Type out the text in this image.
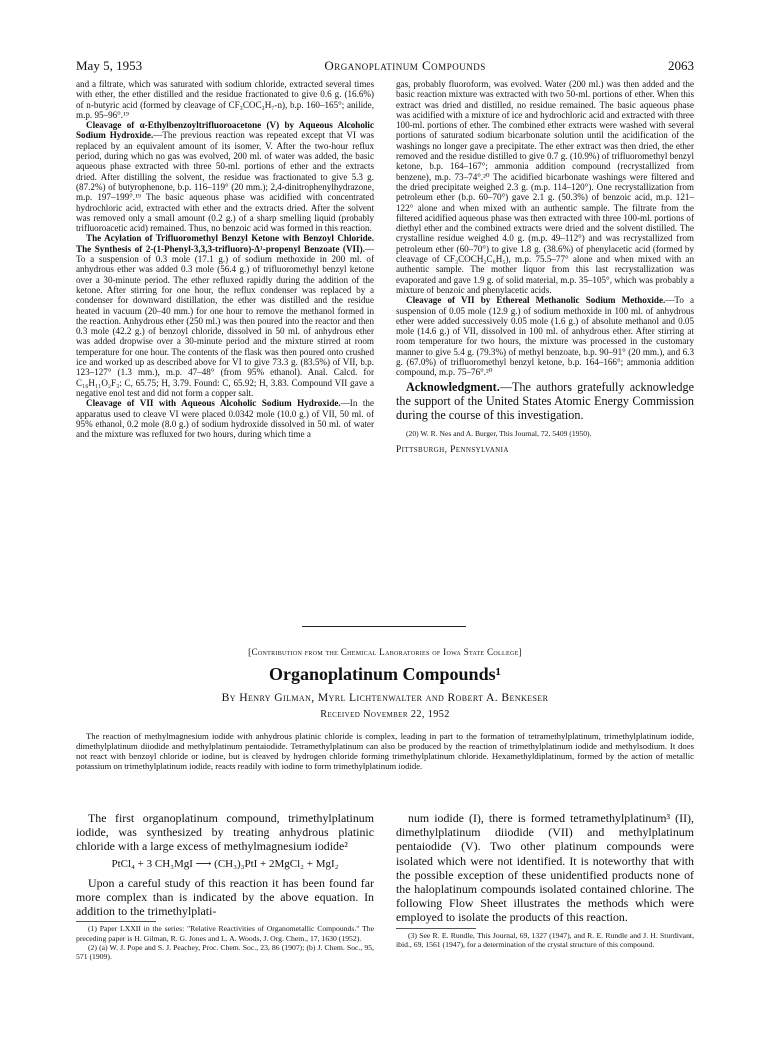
May 5, 1953	Organoplatinum Compounds	2063

and a filtrate, which was saturated with sodium chloride, extracted several times with ether, the ether distilled and the residue fractionated to give 0.6 g. (16.6%) of n-butyric acid (formed by cleavage of CF₃COC₃H₇-n), b.p. 160–165°; anilide, m.p. 95–96°.¹⁹

Cleavage of α-Ethylbenzoyltrifluoroacetone (V) by Aqueous Alcoholic Sodium Hydroxide.—The previous reaction was repeated except that VI was replaced by an equivalent amount of its isomer, V. After the two-hour reflux period, during which no gas was evolved, 200 ml. of water was added, the basic aqueous phase extracted with three 50-ml. portions of ether and the extracts dried. After distilling the solvent, the residue was fractionated to give 5.3 g. (87.2%) of butyrophenone, b.p. 116–119° (20 mm.); 2,4-dinitrophenylhydrazone, m.p. 197–199°.¹⁹ The basic aqueous phase was acidified with concentrated hydrochloric acid, extracted with ether and the extracts dried. After the solvent was removed only a small amount (0.2 g.) of a sharp smelling liquid (probably trifluoroacetic acid) remained. Thus, no benzoic acid was formed in this reaction.

The Acylation of Trifluoromethyl Benzyl Ketone with Benzoyl Chloride. The Synthesis of 2-(1-Phenyl-3,3,3-trifluoro)-Δ¹-propenyl Benzoate (VII).—To a suspension of 0.3 mole (17.1 g.) of sodium methoxide in 200 ml. of anhydrous ether was added 0.3 mole (56.4 g.) of trifluoromethyl benzyl ketone over a 30-minute period. The ether refluxed rapidly during the addition of the ketone. After stirring for one hour, the reflux condenser was replaced by a condenser for downward distillation, the ether was distilled and the residue heated in vacuum (20–40 mm.) for one hour to remove the methanol formed in the reaction. Anhydrous ether (250 ml.) was then poured into the reactor and then 0.3 mole (42.2 g.) of benzoyl chloride, dissolved in 50 ml. of anhydrous ether was added dropwise over a 30-minute period and the mixture stirred at room temperature for one hour. The contents of the flask was then poured onto crushed ice and worked up as described above for VI to give 73.3 g. (83.5%) of VII, b.p. 123–127° (1.3 mm.), m.p. 47–48° (from 95% ethanol). Anal. Calcd. for C₁₆H₁₁O₂F₃: C, 65.75; H, 3.79. Found: C, 65.92; H, 3.83. Compound VII gave a negative enol test and did not form a copper salt.

Cleavage of VII with Aqueous Alcoholic Sodium Hydroxide.—In the apparatus used to cleave VI were placed 0.0342 mole (10.0 g.) of VII, 50 ml. of 95% ethanol, 0.2 mole (8.0 g.) of sodium hydroxide dissolved in 50 ml. of water and the mixture was refluxed for two hours, during which time a

gas, probably fluoroform, was evolved. Water (200 ml.) was then added and the basic reaction mixture was extracted with two 50-ml. portions of ether. When this extract was dried and distilled, no residue remained. The basic aqueous phase was acidified with a mixture of ice and hydrochloric acid and extracted with three 100-ml. portions of ether. The combined ether extracts were washed with several portions of saturated sodium bicarbonate solution until the acidification of the washings no longer gave a precipitate. The ether extract was then dried, the ether removed and the residue distilled to give 0.7 g. (10.9%) of trifluoromethyl benzyl ketone, b.p. 164–167°; ammonia addition compound (recrystallized from benzene), m.p. 73–74°.²⁰ The acidified bicarbonate washings were filtered and the dried precipitate weighed 2.3 g. (m.p. 114–120°). One recrystallization from petroleum ether (b.p. 60–70°) gave 2.1 g. (50.3%) of benzoic acid, m.p. 121–122° alone and when mixed with an authentic sample. The filtrate from the filtered acidified aqueous phase was then extracted with three 100-ml. portions of diethyl ether and the combined extracts were dried and the solvent distilled. The crystalline residue weighed 4.0 g. (m.p. 49–112°) and was recrystallized from petroleum ether (60–70°) to give 1.8 g. (38.6%) of phenylacetic acid (formed by cleavage of CF₃COCH₂C₆H₅), m.p. 75.5–77° alone and when mixed with an authentic sample. The mother liquor from this last recrystallization was evaporated and gave 1.9 g. of solid material, m.p. 35–105°, which was probably a mixture of benzoic and phenylacetic acids.

Cleavage of VII by Ethereal Methanolic Sodium Methoxide.—To a suspension of 0.05 mole (12.9 g.) of sodium methoxide in 100 ml. of anhydrous ether were added successively 0.05 mole (1.6 g.) of absolute methanol and 0.05 mole (14.6 g.) of VII, dissolved in 100 ml. of anhydrous ether. After stirring at room temperature for two hours, the mixture was processed in the customary manner to give 5.4 g. (79.3%) of methyl benzoate, b.p. 90–91° (20 mm.), and 6.3 g. (67.0%) of trifluoromethyl benzyl ketone, b.p. 164–166°; ammonia addition compound, m.p. 75–76°.²⁰

Acknowledgment.—The authors gratefully acknowledge the support of the United States Atomic Energy Commission during the course of this investigation.

(20) W. R. Nes and A. Burger, This Journal, 72, 5409 (1950).

Pittsburgh, Pennsylvania

[Contribution from the Chemical Laboratories of Iowa State College]
Organoplatinum Compounds¹
By Henry Gilman, Myrl Lichtenwalter and Robert A. Benkeser
Received November 22, 1952

The reaction of methylmagnesium iodide with anhydrous platinic chloride is complex, leading in part to the formation of tetramethylplatinum, trimethylplatinum iodide, dimethylplatinum diiodide and methylplatinum pentaiodide. Tetramethylplatinum can also be produced by the reaction of trimethylplatinum iodide and methylsodium. It does not react with benzoyl chloride or iodine, but is cleaved by hydrogen chloride forming trimethylplatinum chloride. Hexamethyldiplatinum, formed by the action of metallic potassium on trimethylplatinum iodide, reacts readily with iodine to form trimethylplatinum iodide.

The first organoplatinum compound, trimethylplatinum iodide, was synthesized by treating anhydrous platinic chloride with a large excess of methylmagnesium iodide²

PtCl₄ + 3 CH₃MgI ⟶ (CH₃)₃PtI + 2MgCl₂ + MgI₂

Upon a careful study of this reaction it has been found far more complex than is indicated by the above equation. In addition to the trimethylplati-

(1) Paper LXXII in the series: "Relative Reactivities of Organometallic Compounds." The preceding paper is H. Gilman, R. G. Jones and L. A. Woods, J. Org. Chem., 17, 1630 (1952).

(2) (a) W. J. Pope and S. J. Peachey, Proc. Chem. Soc., 23, 86 (1907); (b) J. Chem. Soc., 95, 571 (1909).

num iodide (I), there is formed tetramethylplatinum³ (II), dimethylplatinum diiodide (VII) and methylplatinum pentaiodide (V). Two other platinum compounds were isolated which were not identified. It is noteworthy that with the possible exception of these unidentified products none of the haloplatinum compounds isolated contained chlorine. The following Flow Sheet illustrates the methods which were employed to isolate the products of this reaction.

(3) See R. E. Rundle, This Journal, 69, 1327 (1947), and R. E. Rundle and J. H. Sturdivant, ibid., 69, 1561 (1947), for a determination of the crystal structure of this compound.
